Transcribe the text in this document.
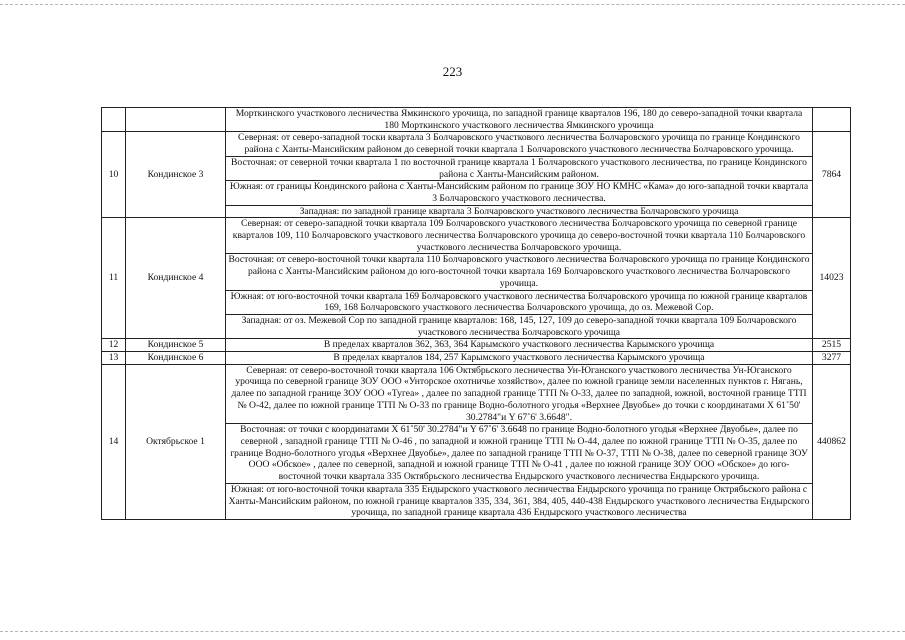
223
		Морткинского участкового лесничества Ямкинского урочища, по западной границе кварталов 196, 180 до северо-западной точки квартала 180 Морткинского участкового лесничества Ямкинского урочища	
10	Кондинское 3	Северная: от северо-западной тоски квартала 3 Болчаровского участкового лесничества Болчаровского урочища по границе Кондинского района с Ханты-Мансийским районом до северной точки квартала 1 Болчаровского участкового лесничества Болчаровского урочища.	7864
		Восточная: от северной точки квартала 1 по восточной границе квартала 1 Болчаровского участкового лесничества, по границе Кондинского района с Ханты-Мансийским районом.	
		Южная: от границы Кондинского района с Ханты-Мансийским районом по границе ЗОУ НО КМНС «Кама» до юго-западной точки квартала 3 Болчаровского участкового лесничества.	
		Западная: по западной границе квартала 3 Болчаровского участкового лесничества Болчаровского урочища	
11	Кондинское 4	Северная: от северо-западной точки квартала 109 Болчаровского участкового лесничества Болчаровского урочища по северной границе кварталов 109, 110 Болчаровского участкового лесничества Болчаровского урочища до северо-восточной точки квартала 110 Болчаровского участкового лесничества Болчаровского урочища.	14023
		Восточная: от северо-восточной точки квартала 110 Болчаровского участкового лесничества Болчаровского урочища по границе Кондинского района с Ханты-Мансийским районом до юго-восточной точки квартала 169 Болчаровского участкового лесничества Болчаровского урочища.	
		Южная: от юго-восточной точки квартала 169 Болчаровского участкового лесничества Болчаровского урочища по южной границе кварталов 169, 168 Болчаровского участкового лесничества Болчаровского урочища, до оз. Межевой Сор.	
		Западная: от оз. Межевой Сор по западной границе кварталов: 168, 145, 127, 109 до северо-западной точки квартала 109 Болчаровского участкового лесничества Болчаровского урочища	
12	Кондинское 5	В пределах кварталов 362, 363, 364 Карымского участкового лесничества Карымского урочища	2515
13	Кондинское 6	В пределах кварталов 184, 257 Карымского участкового лесничества Карымского урочища	3277
14	Октябрьское 1	Северная: от северо-восточной точки квартала 106 Октябрьского лесничества Ун-Юганского участкового лесничества Ун-Юганского урочища по северной границе ЗОУ ООО «Унторское охотничье хозяйство», далее по южной границе земли населенных пунктов г. Нягань, далее по западной границе ЗОУ ООО «Тугеа» , далее по западной границе ТТП № О-33, далее по западной, южной, восточной границе ТТП № О-42, далее по южной границе ТТП № О-33 по границе Водно-болотного угодья «Верхнее Двуобье» до точки с координатами X 61˚50' 30.2784"и Y 67˚6' 3.6648".	440862
		Восточная: от точки с координатами X 61˚50' 30.2784"и Y 67˚6' 3.6648 по границе Водно-болотного угодья «Верхнее Двуобье», далее по северной , западной границе ТТП № О-46 , по западной и южной границе ТТП № О-44, далее по южной границе ТТП № О-35, далее по границе Водно-болотного угодья «Верхнее Двуобье», далее по западной границе ТТП № О-37, ТТП № О-38, далее по северной границе ЗОУ ООО «Обское» , далее по северной, западной и южной границе ТТП № О-41 , далее по южной границе ЗОУ ООО «Обское» до юго-восточной точки квартала 335 Октябрьского лесничества Ендырского участкового лесничества Ендырского урочища.	
		Южная: от юго-восточной точки квартала 335 Ендырского участкового лесничества Ендырского урочища по границе Октрябьского района с Ханты-Мансийским районом, по южной границе кварталов 335, 334, 361, 384, 405, 440-438 Ендырского участкового лесничества Ендырского урочища, по западной границе квартала 436 Ендырского участкового лесничества	
